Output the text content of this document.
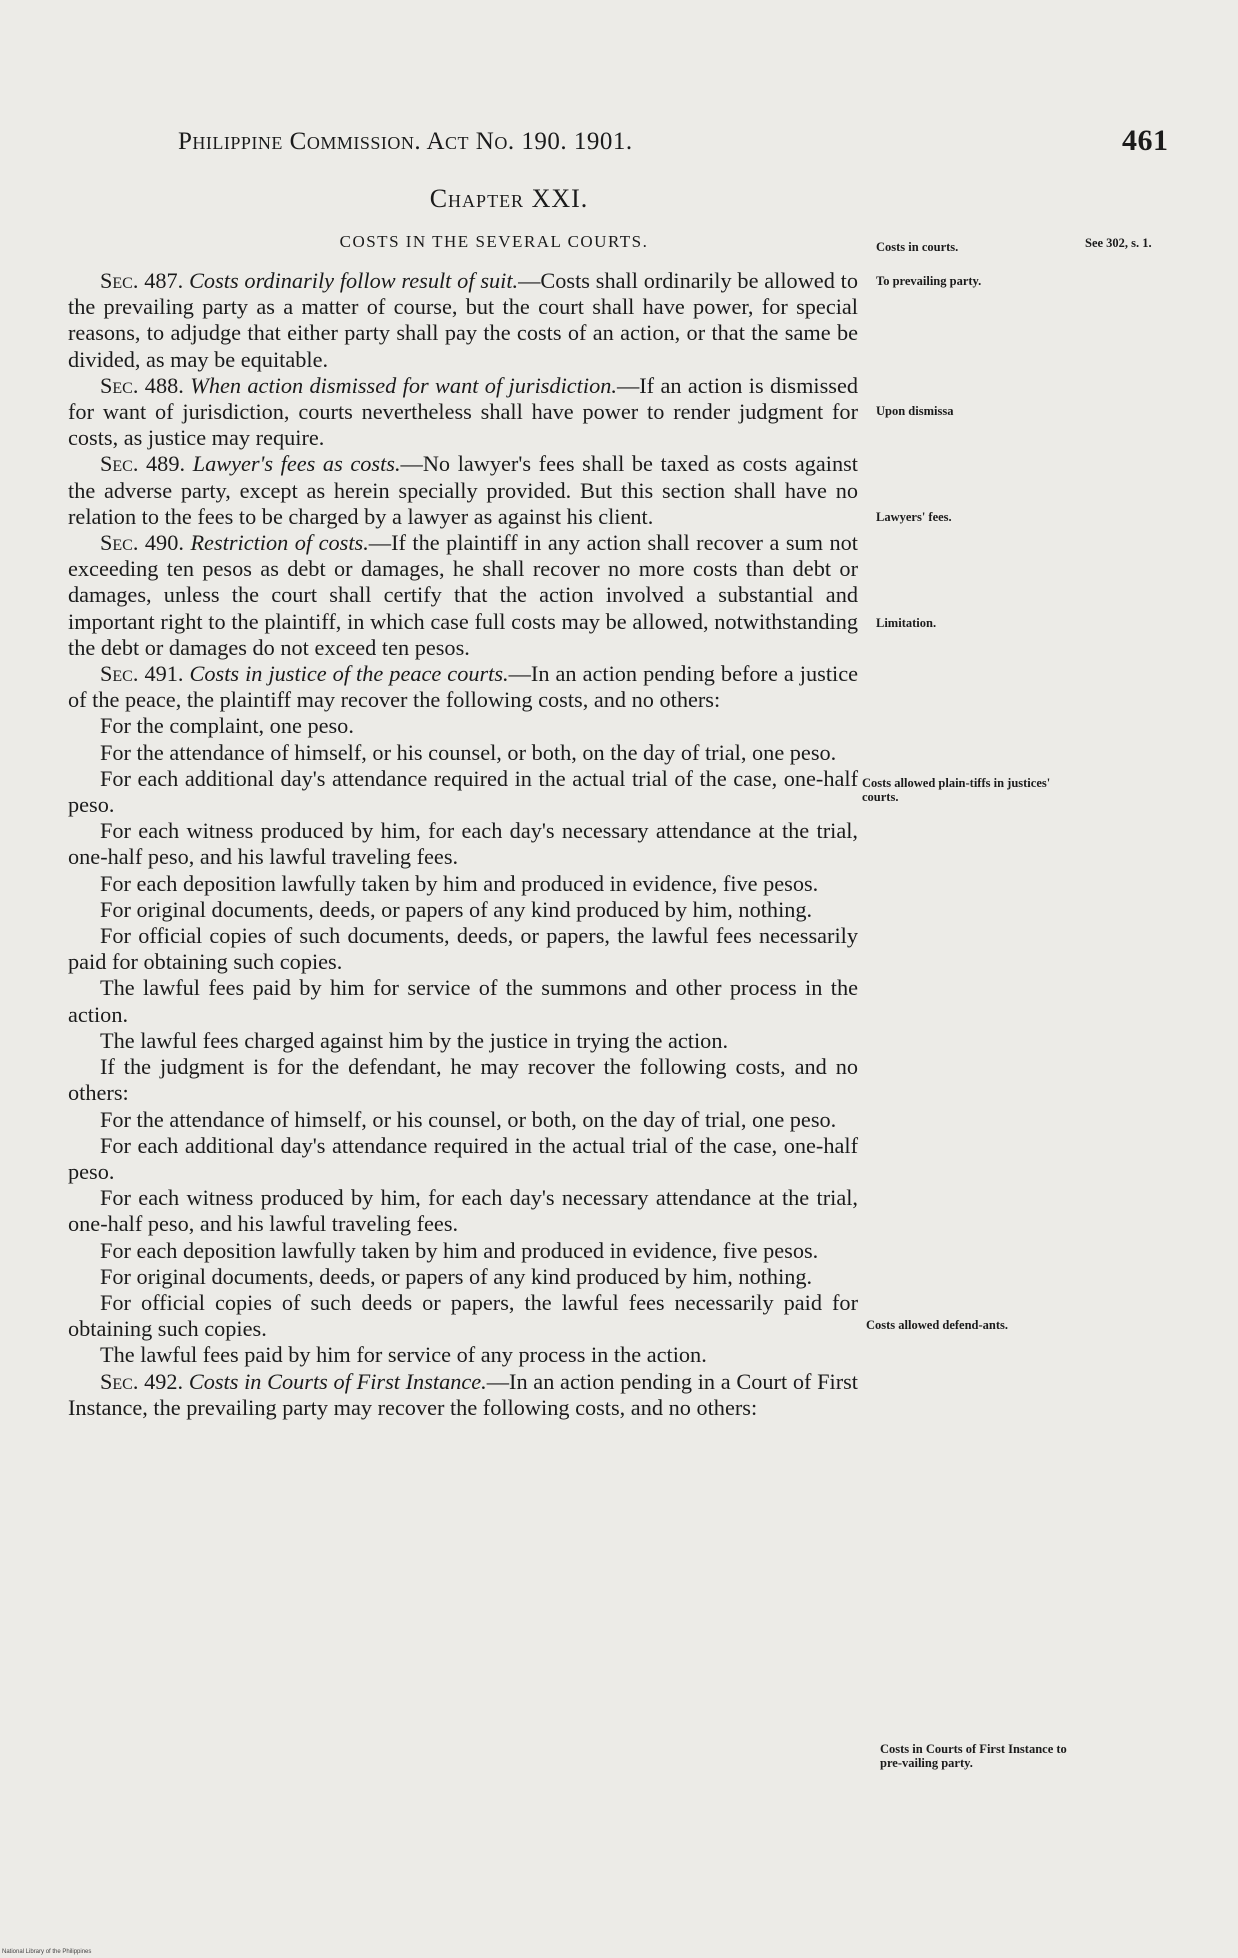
Philippine Commission. Act No. 190. 1901.	461
Chapter XXI.
COSTS IN THE SEVERAL COURTS.	See 302, s. 1.
Costs in courts.
To prevailing party.
Upon dismissa
Lawyers' fees.
Limitation.
Costs allowed plain-tiffs in justices' courts.
Costs allowed defend-ants.
Costs in Courts of First Instance to pre-vailing party.

Sec. 487. Costs ordinarily follow result of suit.—Costs shall ordinarily be allowed to the prevailing party as a matter of course, but the court shall have power, for special reasons, to adjudge that either party shall pay the costs of an action, or that the same be divided, as may be equitable.

Sec. 488. When action dismissed for want of jurisdiction.—If an action is dismissed for want of jurisdiction, courts nevertheless shall have power to render judgment for costs, as justice may require.

Sec. 489. Lawyer's fees as costs.—No lawyer's fees shall be taxed as costs against the adverse party, except as herein specially provided. But this section shall have no relation to the fees to be charged by a lawyer as against his client.

Sec. 490. Restriction of costs.—If the plaintiff in any action shall recover a sum not exceeding ten pesos as debt or damages, he shall recover no more costs than debt or damages, unless the court shall certify that the action involved a substantial and important right to the plaintiff, in which case full costs may be allowed, notwithstanding the debt or damages do not exceed ten pesos.

Sec. 491. Costs in justice of the peace courts.—In an action pending before a justice of the peace, the plaintiff may recover the following costs, and no others:

For the complaint, one peso.

For the attendance of himself, or his counsel, or both, on the day of trial, one peso.

For each additional day's attendance required in the actual trial of the case, one-half peso.

For each witness produced by him, for each day's necessary attendance at the trial, one-half peso, and his lawful traveling fees.

For each deposition lawfully taken by him and produced in evidence, five pesos.

For original documents, deeds, or papers of any kind produced by him, nothing.

For official copies of such documents, deeds, or papers, the lawful fees necessarily paid for obtaining such copies.

The lawful fees paid by him for service of the summons and other process in the action.

The lawful fees charged against him by the justice in trying the action.

If the judgment is for the defendant, he may recover the following costs, and no others:

For the attendance of himself, or his counsel, or both, on the day of trial, one peso.

For each additional day's attendance required in the actual trial of the case, one-half peso.

For each witness produced by him, for each day's necessary attendance at the trial, one-half peso, and his lawful traveling fees.

For each deposition lawfully taken by him and produced in evidence, five pesos.

For original documents, deeds, or papers of any kind produced by him, nothing.

For official copies of such deeds or papers, the lawful fees necessarily paid for obtaining such copies.

The lawful fees paid by him for service of any process in the action.

Sec. 492. Costs in Courts of First Instance.—In an action pending in a Court of First Instance, the prevailing party may recover the following costs, and no others:

National Library of the Philippines
